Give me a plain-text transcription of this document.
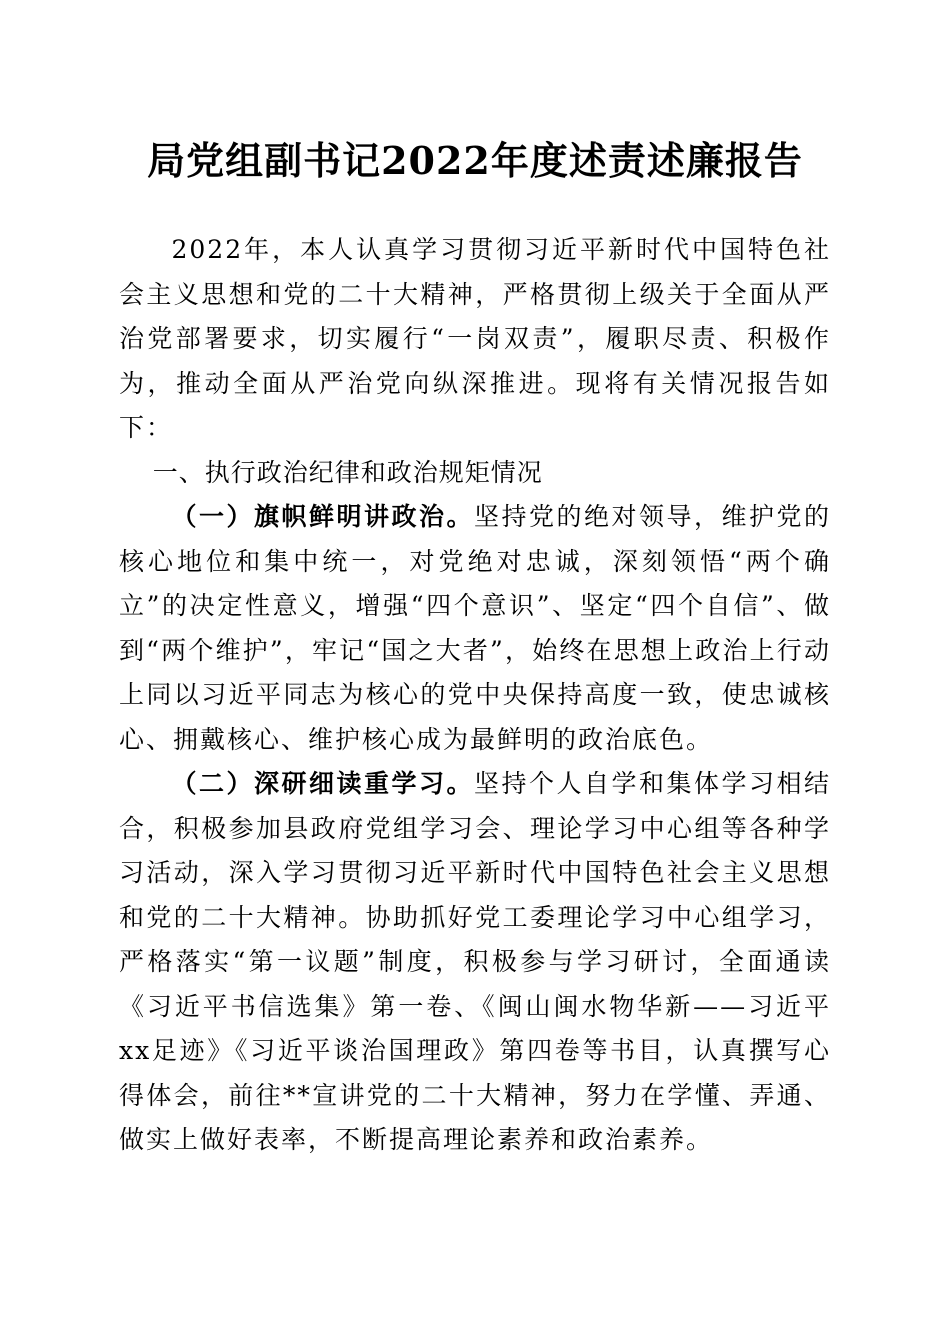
局党组副书记2022年度述责述廉报告

2022年，本人认真学习贯彻习近平新时代中国特色社会主义思想和党的二十大精神，严格贯彻上级关于全面从严治党部署要求，切实履行“一岗双责”，履职尽责、积极作为，推动全面从严治党向纵深推进。现将有关情况报告如下：

一、执行政治纪律和政治规矩情况

（一）旗帜鲜明讲政治。坚持党的绝对领导，维护党的核心地位和集中统一，对党绝对忠诚，深刻领悟“两个确立”的决定性意义，增强“四个意识”、坚定“四个自信”、做到“两个维护”，牢记“国之大者”，始终在思想上政治上行动上同以习近平同志为核心的党中央保持高度一致，使忠诚核心、拥戴核心、维护核心成为最鲜明的政治底色。

（二）深研细读重学习。坚持个人自学和集体学习相结合，积极参加县政府党组学习会、理论学习中心组等各种学习活动，深入学习贯彻习近平新时代中国特色社会主义思想和党的二十大精神。协助抓好党工委理论学习中心组学习，严格落实“第一议题”制度，积极参与学习研讨，全面通读《习近平书信选集》第一卷、《闽山闽水物华新——习近平xx足迹》《习近平谈治国理政》第四卷等书目，认真撰写心得体会，前往**宣讲党的二十大精神，努力在学懂、弄通、做实上做好表率，不断提高理论素养和政治素养。
